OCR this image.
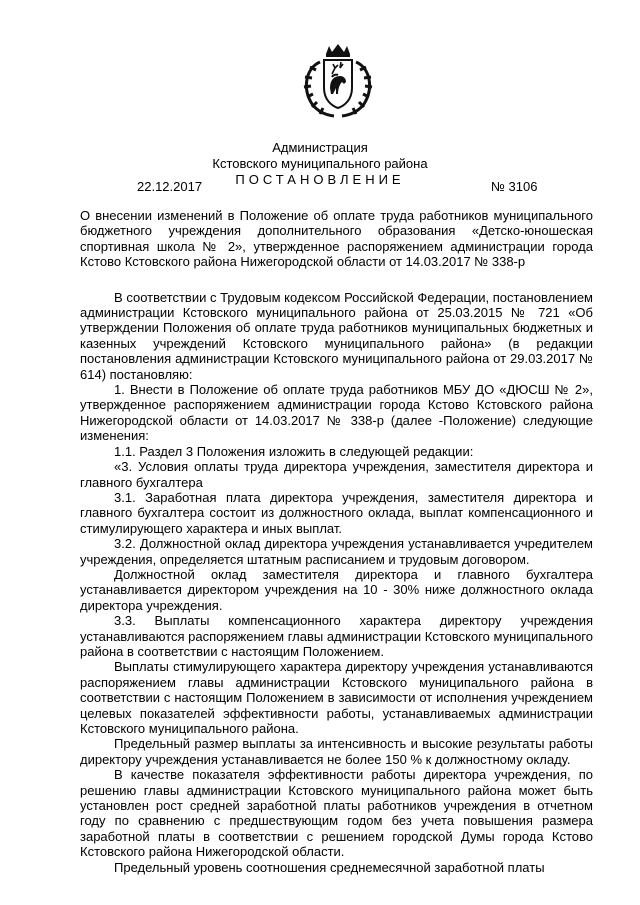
Администрация
Кстовского муниципального района
ПОСТАНОВЛЕНИЕ
22.12.2017	№ 3106

О внесении изменений в Положение об оплате труда работников муниципального бюджетного учреждения дополнительного образования «Детско-юношеская спортивная школа № 2», утвержденное распоряжением администрации города Кстово Кстовского района Нижегородской области от 14.03.2017 № 338-р

В соответствии с Трудовым кодексом Российской Федерации, постановлением администрации Кстовского муниципального района от 25.03.2015 № 721 «Об утверждении Положения об оплате труда работников муниципальных бюджетных и казенных учреждений Кстовского муниципального района» (в редакции постановления администрации Кстовского муниципального района от 29.03.2017 № 614) постановляю:

1. Внести в Положение об оплате труда работников МБУ ДО «ДЮСШ № 2», утвержденное распоряжением администрации города Кстово Кстовского района Нижегородской области от 14.03.2017 № 338-р (далее -Положение) следующие изменения:

1.1. Раздел 3 Положения изложить в следующей редакции:

«3. Условия оплаты труда директора учреждения, заместителя директора и главного бухгалтера

3.1. Заработная плата директора учреждения, заместителя директора и главного бухгалтера состоит из должностного оклада, выплат компенсационного и стимулирующего характера и иных выплат.

3.2. Должностной оклад директора учреждения устанавливается учредителем учреждения, определяется штатным расписанием и трудовым договором.

Должностной оклад заместителя директора и главного бухгалтера устанавливается директором учреждения на 10 - 30% ниже должностного оклада директора учреждения.

3.3. Выплаты компенсационного характера директору учреждения устанавливаются распоряжением главы администрации Кстовского муниципального района в соответствии с настоящим Положением.

Выплаты стимулирующего характера директору учреждения устанавливаются распоряжением главы администрации Кстовского муниципального района в соответствии с настоящим Положением в зависимости от исполнения учреждением целевых показателей эффективности работы, устанавливаемых администрации Кстовского муниципального района.

Предельный размер выплаты за интенсивность и высокие результаты работы директору учреждения устанавливается не более 150 % к должностному окладу.

В качестве показателя эффективности работы директора учреждения, по решению главы администрации Кстовского муниципального района может быть установлен рост средней заработной платы работников учреждения в отчетном году по сравнению с предшествующим годом без учета повышения размера заработной платы в соответствии с решением городской Думы города Кстово Кстовского района Нижегородской области.

Предельный уровень соотношения среднемесячной заработной платы
